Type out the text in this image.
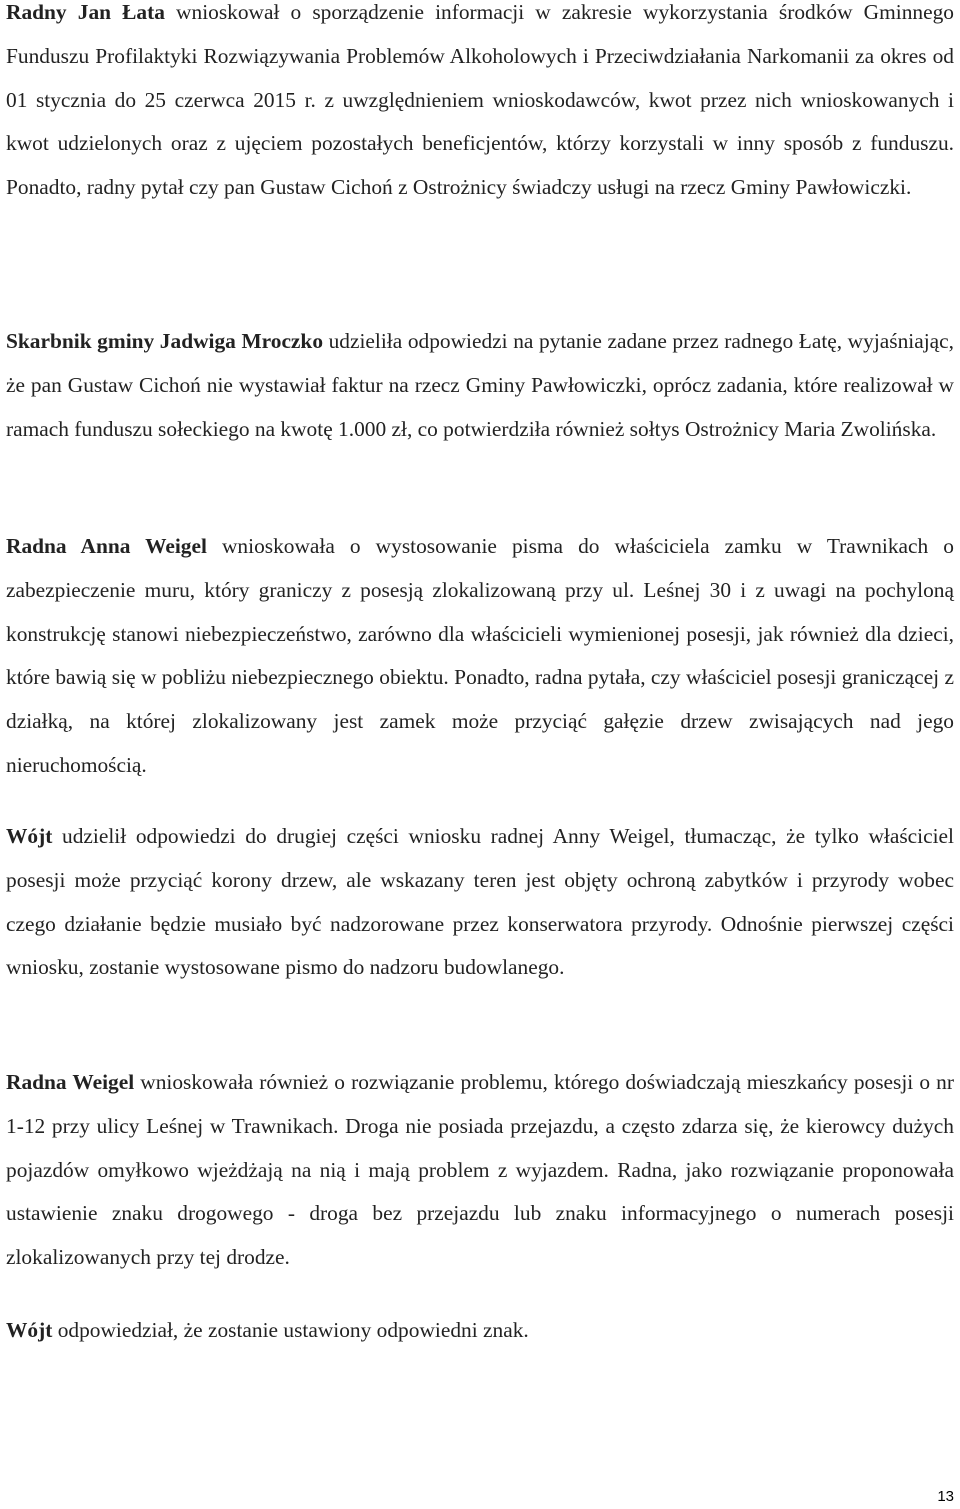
Radny Jan Łata wnioskował o sporządzenie informacji w zakresie wykorzystania środków Gminnego Funduszu Profilaktyki Rozwiązywania Problemów Alkoholowych i Przeciwdziałania Narkomanii za okres od 01 stycznia do 25 czerwca 2015 r. z uwzględnieniem wnioskodawców, kwot przez nich wnioskowanych i kwot udzielonych oraz z ujęciem pozostałych beneficjentów, którzy korzystali w inny sposób z funduszu. Ponadto, radny pytał czy pan Gustaw Cichoń z Ostrożnicy świadczy usługi na rzecz Gminy Pawłowiczki.

Skarbnik gminy Jadwiga Mroczko udzieliła odpowiedzi na pytanie zadane przez radnego Łatę, wyjaśniając, że pan Gustaw Cichoń nie wystawiał faktur na rzecz Gminy Pawłowiczki, oprócz zadania, które realizował w ramach funduszu sołeckiego na kwotę 1.000 zł, co potwierdziła również sołtys Ostrożnicy Maria Zwolińska.

Radna Anna Weigel wnioskowała o wystosowanie pisma do właściciela zamku w Trawnikach o zabezpieczenie muru, który graniczy z posesją zlokalizowaną przy ul. Leśnej 30 i z uwagi na pochyloną konstrukcję stanowi niebezpieczeństwo, zarówno dla właścicieli wymienionej posesji, jak również dla dzieci, które bawią się w pobliżu niebezpiecznego obiektu. Ponadto, radna pytała, czy właściciel posesji graniczącej z działką, na której zlokalizowany jest zamek może przyciąć gałęzie drzew zwisających nad jego nieruchomością.

Wójt udzielił odpowiedzi do drugiej części wniosku radnej Anny Weigel, tłumacząc, że tylko właściciel posesji może przyciąć korony drzew, ale wskazany teren jest objęty ochroną zabytków i przyrody wobec czego działanie będzie musiało być nadzorowane przez konserwatora przyrody. Odnośnie pierwszej części wniosku, zostanie wystosowane pismo do nadzoru budowlanego.

Radna Weigel wnioskowała również o rozwiązanie problemu, którego doświadczają mieszkańcy posesji o nr 1-12 przy ulicy Leśnej w Trawnikach. Droga nie posiada przejazdu, a często zdarza się, że kierowcy dużych pojazdów omyłkowo wjeżdżają na nią i mają problem z wyjazdem. Radna, jako rozwiązanie proponowała ustawienie znaku drogowego - droga bez przejazdu lub znaku informacyjnego o numerach posesji zlokalizowanych przy tej drodze.

Wójt odpowiedział, że zostanie ustawiony odpowiedni znak.

13
